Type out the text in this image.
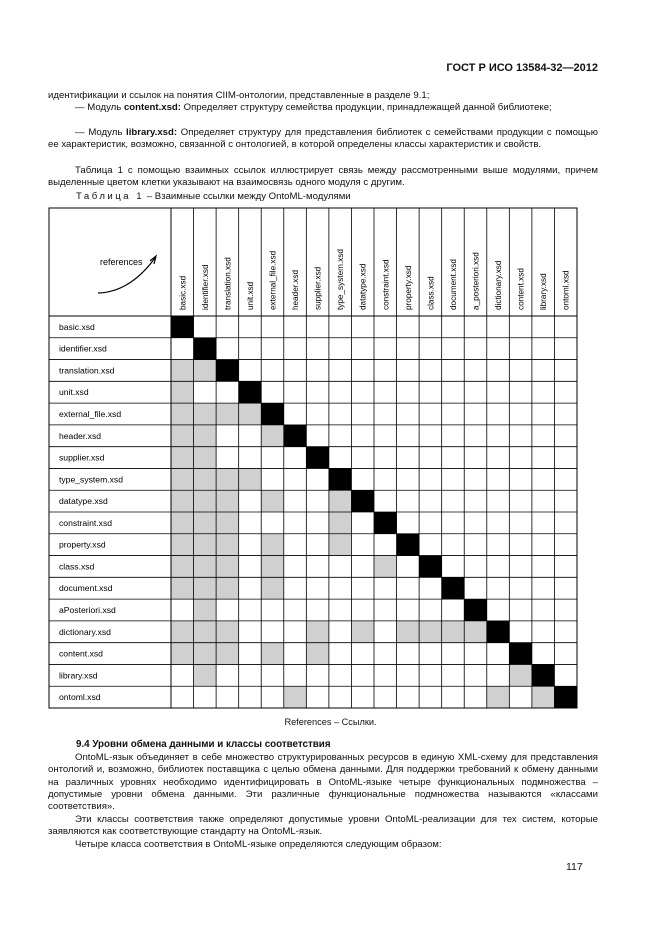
ГОСТ Р ИСО 13584-32—2012

идентификации и ссылок на понятия CIIM-онтологии, представленные в разделе 9.1;

— Модуль content.xsd: Определяет структуру семейства продукции, принадлежащей данной библиотеке;

— Модуль library.xsd: Определяет структуру для представления библиотек с семействами продукции с помощью ее характеристик, возможно, связанной с онтологией, в которой определены классы характеристик и свойств.

Таблица 1 с помощью взаимных ссылок иллюстрирует связь между рассмотренными выше модулями, причем выделенные цветом клетки указывают на взаимосвязь одного модуля с другим.

Таблица 1 – Взаимные ссылки между OntoML-модулями
basic.xsd identifier.xsd translation.xsd unit.xsd external_file.xsd header.xsd supplier.xsd type_system.xsd datatype.xsd constraint.xsd property.xsd class.xsd document.xsd a_posteriori.xsd dictionary.xsd content.xsd library.xsd ontoml.xsd
basic.xsd
identifier.xsd
translation.xsd
unit.xsd
external_file.xsd
header.xsd
supplier.xsd
type_system.xsd
datatype.xsd
constraint.xsd
property.xsd
class.xsd
document.xsd
aPosteriori.xsd
dictionary.xsd
content.xsd
library.xsd
ontoml.xsd
references
References – Ссылки.
9.4 Уровни обмена данными и классы соответствия

OntoML-язык объединяет в себе множество структурированных ресурсов в единую XML-схему для представления онтологий и, возможно, библиотек поставщика с целью обмена данными. Для поддержки требований к обмену данными на различных уровнях необходимо идентифицировать в OntoML-языке четыре функциональных подмножества – допустимые уровни обмена данными. Эти различные функциональные подмножества называются «классами соответствия».

Эти классы соответствия также определяют допустимые уровни OntoML-реализации для тех систем, которые заявляются как соответствующие стандарту на OntoML-язык.

Четыре класса соответствия в OntoML-языке определяются следующим образом:

117
